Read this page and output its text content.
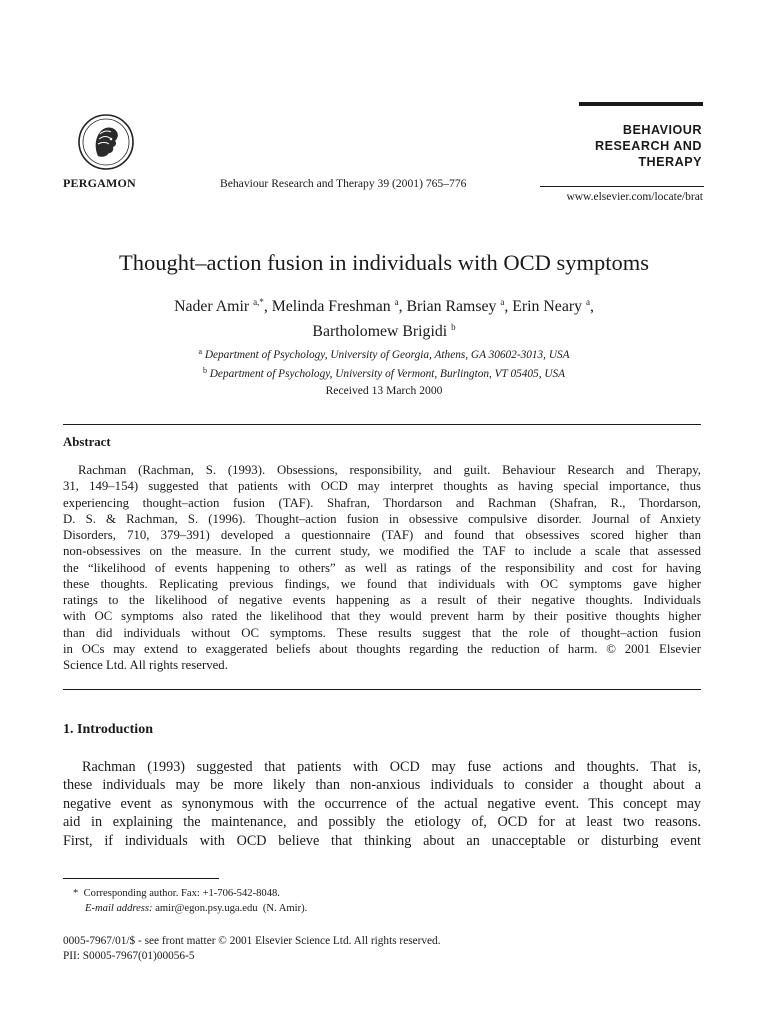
PERGAMON	Behaviour Research and Therapy 39 (2001) 765–776
BEHAVIOUR
RESEARCH AND
THERAPY
www.elsevier.com/locate/brat
Thought–action fusion in individuals with OCD symptoms
Nader Amir $^{a,*}$, Melinda Freshman $^a$, Brian Ramsey $^a$, Erin Neary $^a$,
Bartholomew Brigidi $^b$
$^a$ Department of Psychology, University of Georgia, Athens, GA 30602-3013, USA
$^b$ Department of Psychology, University of Vermont, Burlington, VT 05405, USA
Received 13 March 2000
Abstract
Rachman (Rachman, S. (1993). Obsessions, responsibility, and guilt. Behaviour Research and Therapy,
31, 149–154) suggested that patients with OCD may interpret thoughts as having special importance, thus
experiencing thought–action fusion (TAF). Shafran, Thordarson and Rachman (Shafran, R., Thordarson,
D. S. & Rachman, S. (1996). Thought–action fusion in obsessive compulsive disorder. Journal of Anxiety
Disorders, 710, 379–391) developed a questionnaire (TAF) and found that obsessives scored higher than
non-obsessives on the measure. In the current study, we modified the TAF to include a scale that assessed
the “likelihood of events happening to others” as well as ratings of the responsibility and cost for having
these thoughts. Replicating previous findings, we found that individuals with OC symptoms gave higher
ratings to the likelihood of negative events happening as a result of their negative thoughts. Individuals
with OC symptoms also rated the likelihood that they would prevent harm by their positive thoughts higher
than did individuals without OC symptoms. These results suggest that the role of thought–action fusion
in OCs may extend to exaggerated beliefs about thoughts regarding the reduction of harm. © 2001 Elsevier
Science Ltd. All rights reserved.
1. Introduction
Rachman (1993) suggested that patients with OCD may fuse actions and thoughts. That is,
these individuals may be more likely than non-anxious individuals to consider a thought about a
negative event as synonymous with the occurrence of the actual negative event. This concept may
aid in explaining the maintenance, and possibly the etiology of, OCD for at least two reasons.
First, if individuals with OCD believe that thinking about an unacceptable or disturbing event
* Corresponding author. Fax: +1-706-542-8048.
E-mail address: amir@egon.psy.uga.edu (N. Amir).
0005-7967/01/$ - see front matter © 2001 Elsevier Science Ltd. All rights reserved.
PII: S0005-7967(01)00056-5
